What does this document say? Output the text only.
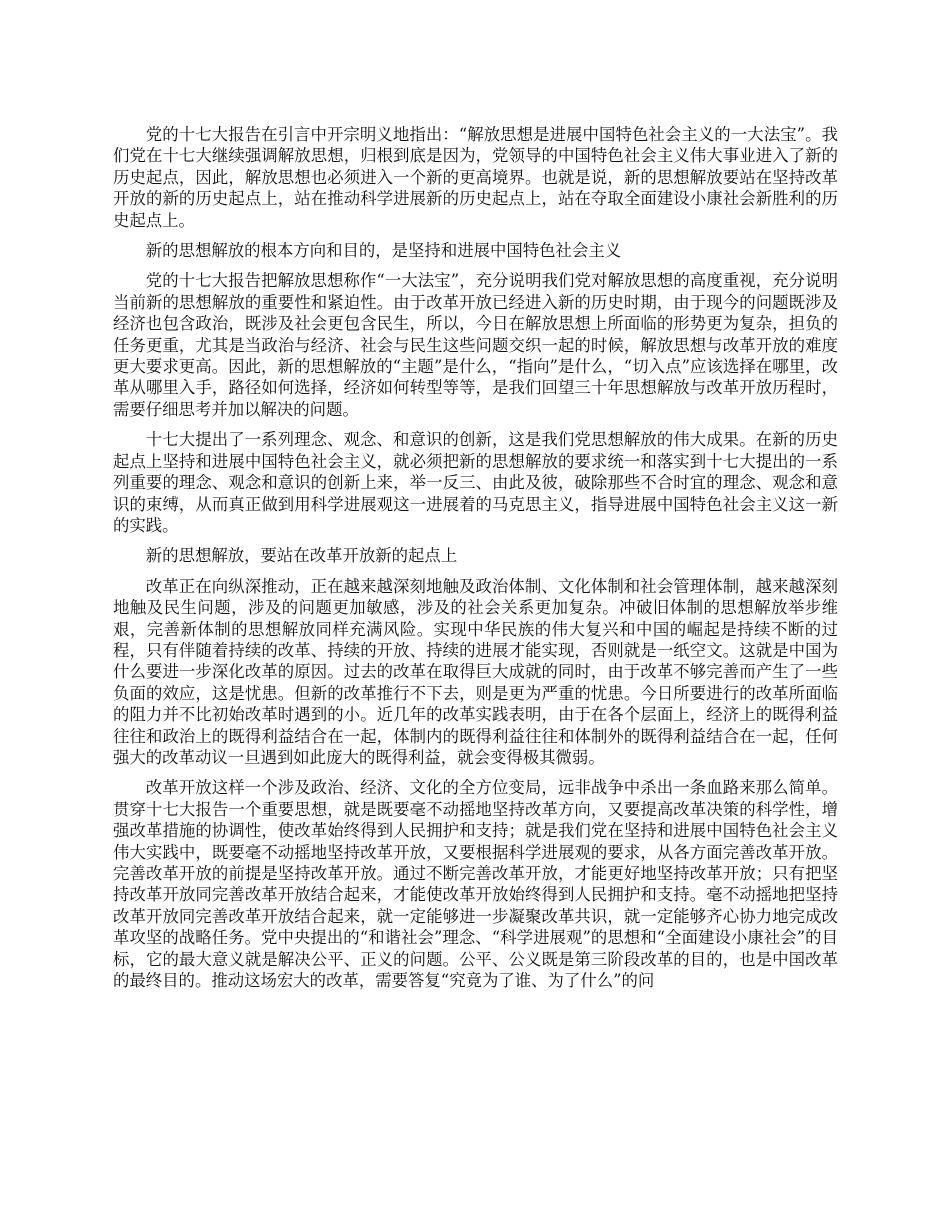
党的十七大报告在引言中开宗明义地指出：“解放思想是进展中国特色社会主义的一大法宝”。我们党在十七大继续强调解放思想，归根到底是因为，党领导的中国特色社会主义伟大事业进入了新的历史起点，因此，解放思想也必须进入一个新的更高境界。也就是说，新的思想解放要站在坚持改革开放的新的历史起点上，站在推动科学进展新的历史起点上，站在夺取全面建设小康社会新胜利的历史起点上。

新的思想解放的根本方向和目的，是坚持和进展中国特色社会主义

党的十七大报告把解放思想称作“一大法宝”，充分说明我们党对解放思想的高度重视，充分说明当前新的思想解放的重要性和紧迫性。由于改革开放已经进入新的历史时期，由于现今的问题既涉及经济也包含政治，既涉及社会更包含民生，所以，今日在解放思想上所面临的形势更为复杂，担负的任务更重，尤其是当政治与经济、社会与民生这些问题交织一起的时候，解放思想与改革开放的难度更大要求更高。因此，新的思想解放的“主题”是什么，“指向”是什么，“切入点”应该选择在哪里，改革从哪里入手，路径如何选择，经济如何转型等等，是我们回望三十年思想解放与改革开放历程时，需要仔细思考并加以解决的问题。

十七大提出了一系列理念、观念、和意识的创新，这是我们党思想解放的伟大成果。在新的历史起点上坚持和进展中国特色社会主义，就必须把新的思想解放的要求统一和落实到十七大提出的一系列重要的理念、观念和意识的创新上来，举一反三、由此及彼，破除那些不合时宜的理念、观念和意识的束缚，从而真正做到用科学进展观这一进展着的马克思主义，指导进展中国特色社会主义这一新的实践。

新的思想解放，要站在改革开放新的起点上

改革正在向纵深推动，正在越来越深刻地触及政治体制、文化体制和社会管理体制，越来越深刻地触及民生问题，涉及的问题更加敏感，涉及的社会关系更加复杂。冲破旧体制的思想解放举步维艰，完善新体制的思想解放同样充满风险。实现中华民族的伟大复兴和中国的崛起是持续不断的过程，只有伴随着持续的改革、持续的开放、持续的进展才能实现，否则就是一纸空文。这就是中国为什么要进一步深化改革的原因。过去的改革在取得巨大成就的同时，由于改革不够完善而产生了一些负面的效应，这是忧患。但新的改革推行不下去，则是更为严重的忧患。今日所要进行的改革所面临的阻力并不比初始改革时遇到的小。近几年的改革实践表明，由于在各个层面上，经济上的既得利益往往和政治上的既得利益结合在一起，体制内的既得利益往往和体制外的既得利益结合在一起，任何强大的改革动议一旦遇到如此庞大的既得利益，就会变得极其微弱。

改革开放这样一个涉及政治、经济、文化的全方位变局，远非战争中杀出一条血路来那么简单。贯穿十七大报告一个重要思想，就是既要毫不动摇地坚持改革方向，又要提高改革决策的科学性，增强改革措施的协调性，使改革始终得到人民拥护和支持；就是我们党在坚持和进展中国特色社会主义伟大实践中，既要毫不动摇地坚持改革开放，又要根据科学进展观的要求，从各方面完善改革开放。完善改革开放的前提是坚持改革开放。通过不断完善改革开放，才能更好地坚持改革开放；只有把坚持改革开放同完善改革开放结合起来，才能使改革开放始终得到人民拥护和支持。毫不动摇地把坚持改革开放同完善改革开放结合起来，就一定能够进一步凝聚改革共识，就一定能够齐心协力地完成改革攻坚的战略任务。党中央提出的“和谐社会”理念、“科学进展观”的思想和“全面建设小康社会”的目标，它的最大意义就是解决公平、正义的问题。公平、公义既是第三阶段改革的目的，也是中国改革的最终目的。推动这场宏大的改革，需要答复“究竟为了谁、为了什么”的问
